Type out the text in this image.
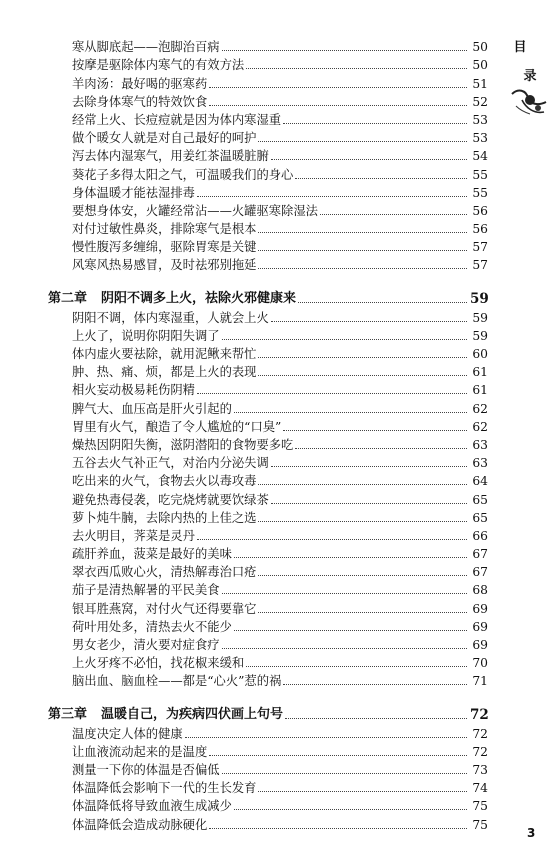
寒从脚底起——泡脚治百病	50
按摩是驱除体内寒气的有效方法	50
羊肉汤：最好喝的驱寒药	51
去除身体寒气的特效饮食	52
经常上火、长痘痘就是因为体内寒湿重	53
做个暖女人就是对自己最好的呵护	53
泻去体内湿寒气，用姜红茶温暖脏腑	54
葵花子多得太阳之气，可温暖我们的身心	55
身体温暖才能祛湿排毒	55
要想身体安，火罐经常沾——火罐驱寒除湿法	56
对付过敏性鼻炎，排除寒气是根本	56
慢性腹泻多缠绵，驱除胃寒是关键	57
风寒风热易感冒，及时祛邪别拖延	57
第二章 阴阳不调多上火，祛除火邪健康来	59
阴阳不调，体内寒湿重，人就会上火	59
上火了，说明你阴阳失调了	59
体内虚火要祛除，就用泥鳅来帮忙	60
肿、热、痛、烦，都是上火的表现	61
相火妄动极易耗伤阴精	61
脾气大、血压高是肝火引起的	62
胃里有火气，酿造了令人尴尬的“口臭”	62
燥热因阴阳失衡，滋阴潜阳的食物要多吃	63
五谷去火气补正气，对治内分泌失调	63
吃出来的火气，食物去火以毒攻毒	64
避免热毒侵袭，吃完烧烤就要饮绿茶	65
萝卜炖牛腩，去除内热的上佳之选	65
去火明目，荠菜是灵丹	66
疏肝养血，菠菜是最好的美味	67
翠衣西瓜败心火，清热解毒治口疮	67
茄子是清热解暑的平民美食	68
银耳胜燕窝，对付火气还得要靠它	69
荷叶用处多，清热去火不能少	69
男女老少，清火要对症食疗	69
上火牙疼不必怕，找花椒来缓和	70
脑出血、脑血栓——都是“心火”惹的祸	71
第三章 温暖自己，为疾病四伏画上句号	72
温度决定人体的健康	72
让血液流动起来的是温度	72
测量一下你的体温是否偏低	73
体温降低会影响下一代的生长发育	74
体温降低将导致血液生成减少	75
体温降低会造成动脉硬化	75
目
录
3
